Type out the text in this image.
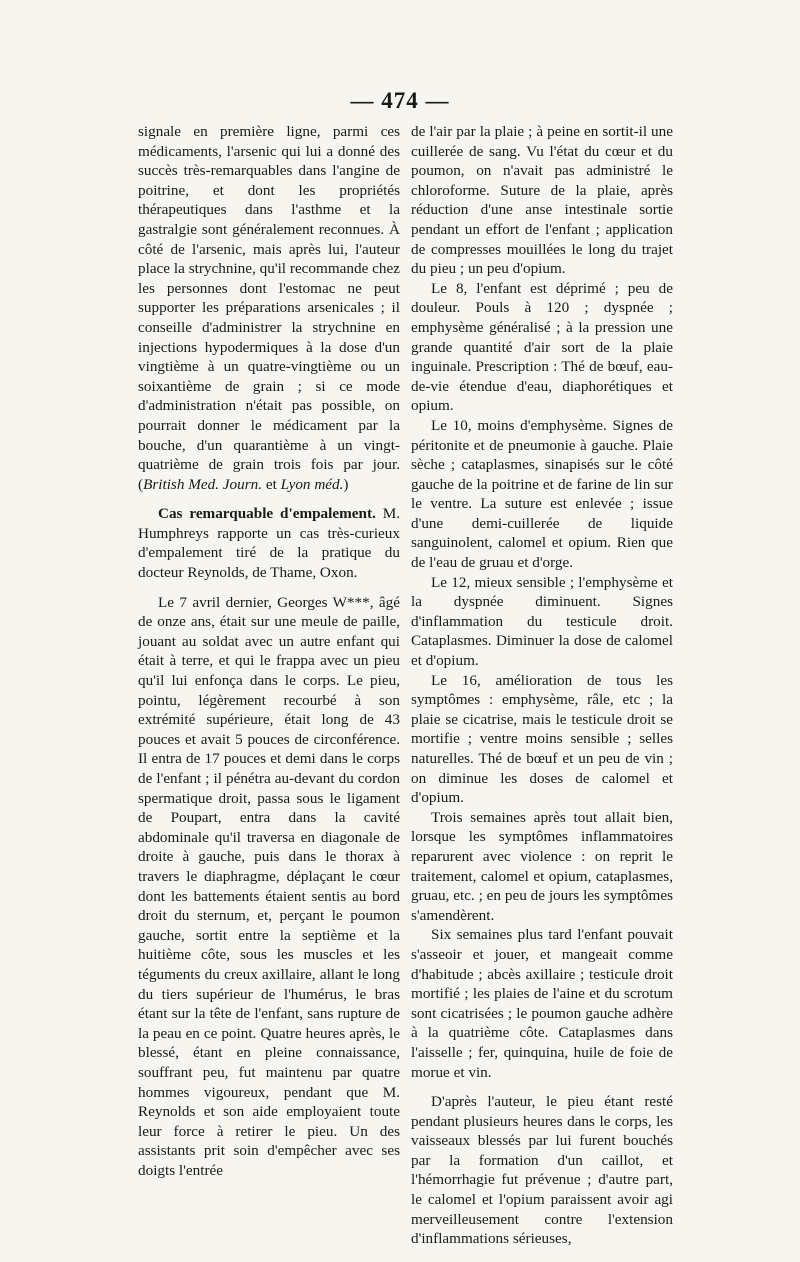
— 474 —

signale en première ligne, parmi ces médicaments, l'arsenic qui lui a donné des succès très-remarquables dans l'angine de poitrine, et dont les propriétés thérapeutiques dans l'asthme et la gastralgie sont généralement reconnues. À côté de l'arsenic, mais après lui, l'auteur place la strychnine, qu'il recommande chez les personnes dont l'estomac ne peut supporter les préparations arsenicales ; il conseille d'administrer la strychnine en injections hypodermiques à la dose d'un vingtième à un quatre-vingtième ou un soixantième de grain ; si ce mode d'administration n'était pas possible, on pourrait donner le médicament par la bouche, d'un quarantième à un vingt-quatrième de grain trois fois par jour. (British Med. Journ. et Lyon méd.)

Cas remarquable d'empalement. M. Humphreys rapporte un cas très-curieux d'empalement tiré de la pratique du docteur Reynolds, de Thame, Oxon.

Le 7 avril dernier, Georges W***, âgé de onze ans, était sur une meule de paille, jouant au soldat avec un autre enfant qui était à terre, et qui le frappa avec un pieu qu'il lui enfonça dans le corps. Le pieu, pointu, légèrement recourbé à son extrémité supérieure, était long de 43 pouces et avait 5 pouces de circonférence. Il entra de 17 pouces et demi dans le corps de l'enfant ; il pénétra au-devant du cordon spermatique droit, passa sous le ligament de Poupart, entra dans la cavité abdominale qu'il traversa en diagonale de droite à gauche, puis dans le thorax à travers le diaphragme, déplaçant le cœur dont les battements étaient sentis au bord droit du sternum, et, perçant le poumon gauche, sortit entre la septième et la huitième côte, sous les muscles et les téguments du creux axillaire, allant le long du tiers supérieur de l'humérus, le bras étant sur la tête de l'enfant, sans rupture de la peau en ce point. Quatre heures après, le blessé, étant en pleine connaissance, souffrant peu, fut maintenu par quatre hommes vigoureux, pendant que M. Reynolds et son aide employaient toute leur force à retirer le pieu. Un des assistants prit soin d'empêcher avec ses doigts l'entrée

de l'air par la plaie ; à peine en sortit-il une cuillerée de sang. Vu l'état du cœur et du poumon, on n'avait pas administré le chloroforme. Suture de la plaie, après réduction d'une anse intestinale sortie pendant un effort de l'enfant ; application de compresses mouillées le long du trajet du pieu ; un peu d'opium.

Le 8, l'enfant est déprimé ; peu de douleur. Pouls à 120 ; dyspnée ; emphysème généralisé ; à la pression une grande quantité d'air sort de la plaie inguinale. Prescription : Thé de bœuf, eau-de-vie étendue d'eau, diaphorétiques et opium.

Le 10, moins d'emphysème. Signes de péritonite et de pneumonie à gauche. Plaie sèche ; cataplasmes, sinapisés sur le côté gauche de la poitrine et de farine de lin sur le ventre. La suture est enlevée ; issue d'une demi-cuillerée de liquide sanguinolent, calomel et opium. Rien que de l'eau de gruau et d'orge.

Le 12, mieux sensible ; l'emphysème et la dyspnée diminuent. Signes d'inflammation du testicule droit. Cataplasmes. Diminuer la dose de calomel et d'opium.

Le 16, amélioration de tous les symptômes : emphysème, râle, etc ; la plaie se cicatrise, mais le testicule droit se mortifie ; ventre moins sensible ; selles naturelles. Thé de bœuf et un peu de vin ; on diminue les doses de calomel et d'opium.

Trois semaines après tout allait bien, lorsque les symptômes inflammatoires reparurent avec violence : on reprit le traitement, calomel et opium, cataplasmes, gruau, etc. ; en peu de jours les symptômes s'amendèrent.

Six semaines plus tard l'enfant pouvait s'asseoir et jouer, et mangeait comme d'habitude ; abcès axillaire ; testicule droit mortifié ; les plaies de l'aine et du scrotum sont cicatrisées ; le poumon gauche adhère à la quatrième côte. Cataplasmes dans l'aisselle ; fer, quinquina, huile de foie de morue et vin.

D'après l'auteur, le pieu étant resté pendant plusieurs heures dans le corps, les vaisseaux blessés par lui furent bouchés par la formation d'un caillot, et l'hémorrhagie fut prévenue ; d'autre part, le calomel et l'opium paraissent avoir agi merveilleusement contre l'extension d'inflammations sérieuses,
